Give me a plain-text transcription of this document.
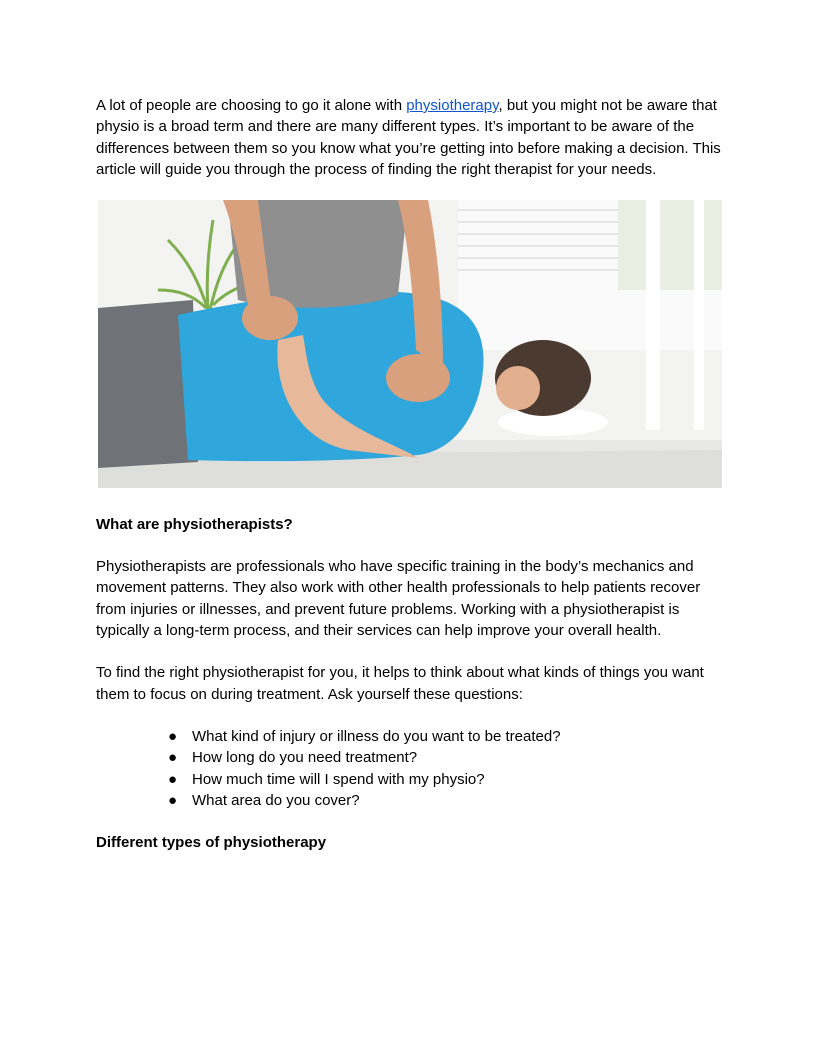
A lot of people are choosing to go it alone with physiotherapy, but you might not be aware that physio is a broad term and there are many different types. It’s important to be aware of the differences between them so you know what you’re getting into before making a decision. This article will guide you through the process of finding the right therapist for your needs.

What are physiotherapists?

Physiotherapists are professionals who have specific training in the body’s mechanics and movement patterns. They also work with other health professionals to help patients recover from injuries or illnesses, and prevent future problems. Working with a physiotherapist is typically a long-term process, and their services can help improve your overall health.

To find the right physiotherapist for you, it helps to think about what kinds of things you want them to focus on during treatment. Ask yourself these questions:

● What kind of injury or illness do you want to be treated?
● How long do you need treatment?
● How much time will I spend with my physio?
● What area do you cover?
Different types of physiotherapy
